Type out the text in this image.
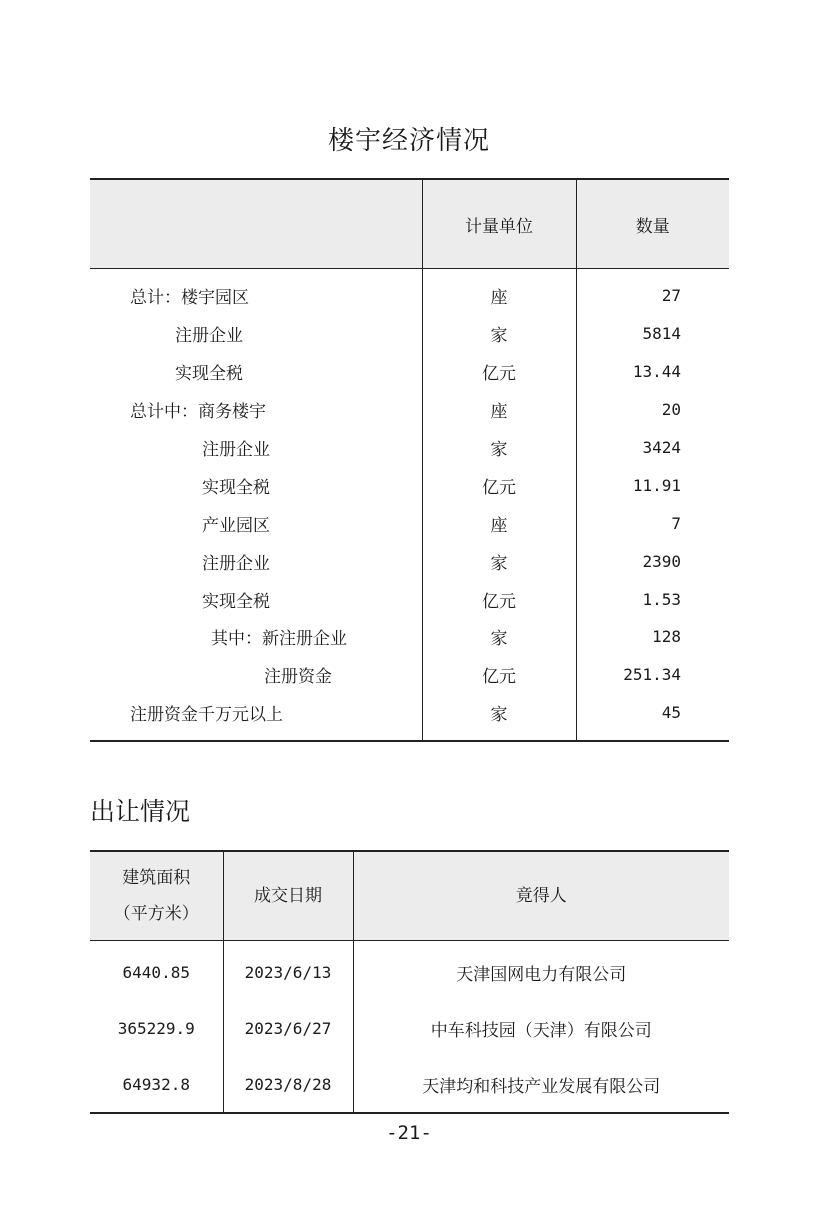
楼宇经济情况
	计量单位	数量
总计：楼宇园区	座	27
注册企业	家	5814
实现全税	亿元	13.44
总计中：商务楼宇	座	20
注册企业	家	3424
实现全税	亿元	11.91
产业园区	座	7
注册企业	家	2390
实现全税	亿元	1.53
其中：新注册企业	家	128
注册资金	亿元	251.34
注册资金千万元以上	家	45
出让情况
建筑面积
（平方米）	成交日期	竟得人
6440.85	2023/6/13	天津国网电力有限公司
365229.9	2023/6/27	中车科技园（天津）有限公司
64932.8	2023/8/28	天津均和科技产业发展有限公司
-21-
